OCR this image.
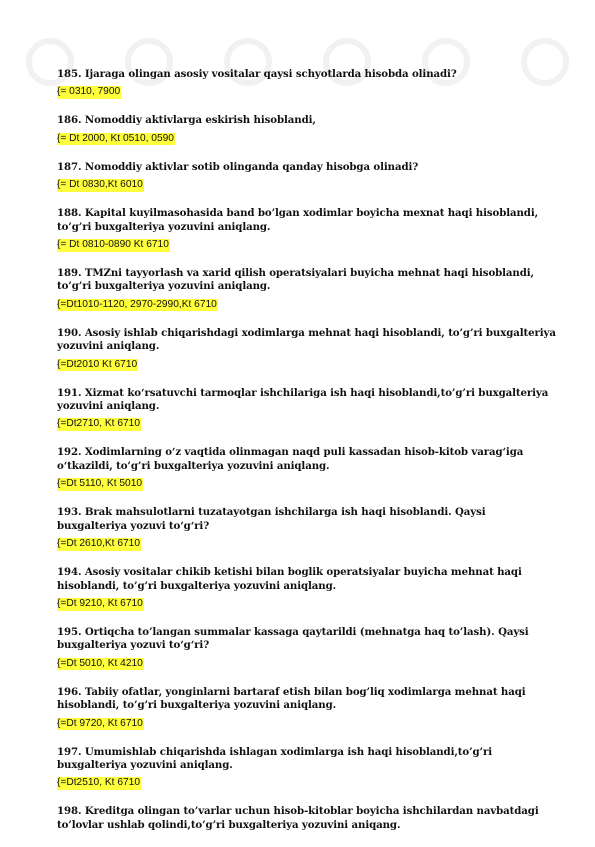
185. Ijaraga olingan asosiy vositalar qaysi schyotlarda hisobda olinadi?

{= 0310, 7900

186. Nomoddiy aktivlarga eskirish hisoblandi,

{= Dt 2000, Kt 0510, 0590

187. Nomoddiy aktivlar sotib olinganda qanday hisobga olinadi?

{= Dt 0830,Kt 6010

188. Kapital kuyilmasohasida band bo’lgan xodimlar boyicha mexnat haqi hisoblandi, to’g’ri buxgalteriya yozuvini aniqlang.

{= Dt 0810-0890 Kt 6710

189. TMZni tayyorlash va xarid qilish operatsiyalari buyicha mehnat haqi hisoblandi, to’g’ri buxgalteriya yozuvini aniqlang.

{=Dt1010-1120, 2970-2990,Kt 6710

190. Asosiy ishlab chiqarishdagi xodimlarga mehnat haqi hisoblandi, to’g’ri buxgalteriya yozuvini aniqlang.

{=Dt2010 Kt 6710

191. Xizmat ko‘rsatuvchi tarmoqlar ishchilariga ish haqi hisoblandi,to’g’ri buxgalteriya yozuvini aniqlang.

{=Dt2710, Kt 6710

192. Xodimlarning o‘z vaqtida olinmagan naqd puli kassadan hisob-kitob varag‘iga o‘tkazildi, to’g’ri buxgalteriya yozuvini aniqlang.

{=Dt 5110, Kt 5010

193. Brak mahsulotlarni tuzatayotgan ishchilarga ish haqi hisoblandi. Qaysi buxgalteriya yozuvi to‘g‘ri?

{=Dt 2610,Kt 6710

194. Asosiy vositalar chikib ketishi bilan boglik operatsiyalar buyicha mehnat haqi hisoblandi, to’g’ri buxgalteriya yozuvini aniqlang.

{=Dt 9210, Kt 6710

195. Ortiqcha to’langan summalar kassaga qaytarildi (mehnatga haq to’lash). Qaysi buxgalteriya yozuvi to‘g‘ri?

{=Dt 5010, Kt 4210

196. Tabiiy ofatlar, yonginlarni bartaraf etish bilan bog’liq xodimlarga mehnat haqi hisoblandi, to’g’ri buxgalteriya yozuvini aniqlang.

{=Dt 9720, Kt 6710

197. Umumishlab chiqarishda ishlagan xodimlarga ish haqi hisoblandi,to’g’ri buxgalteriya yozuvini aniqlang.

{=Dt2510, Kt 6710

198. Kreditga olingan to’varlar uchun hisob-kitoblar boyicha ishchilardan navbatdagi to’lovlar ushlab qolindi,to’g’ri buxgalteriya yozuvini aniqang.
